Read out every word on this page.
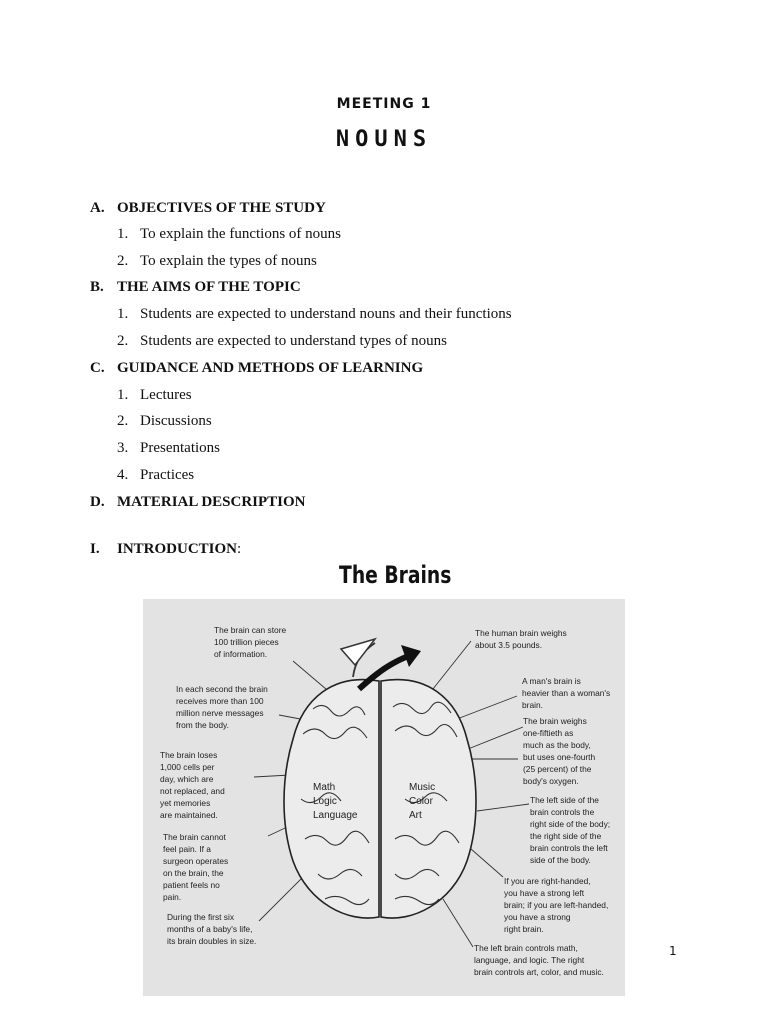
MEETING 1
NOUNS
A. OBJECTIVES OF THE STUDY
1. To explain the functions of nouns
2. To explain the types of nouns
B. THE AIMS OF THE TOPIC
1. Students are expected to understand nouns and their functions
2. Students are expected to understand types of nouns
C. GUIDANCE AND METHODS OF LEARNING
1. Lectures
2. Discussions
3. Presentations
4. Practices
D. MATERIAL DESCRIPTION
I. INTRODUCTION:
The Brains
The brain can store
100 trillion pieces
of information.
In each second the brain
receives more than 100
million nerve messages
from the body.
The brain loses
1,000 cells per
day, which are
not replaced, and
yet memories
are maintained.
The brain cannot
feel pain. If a
surgeon operates
on the brain, the
patient feels no
pain.
During the first six
months of a baby's life,
its brain doubles in size.
The human brain weighs
about 3.5 pounds.
A man's brain is
heavier than a woman's
brain.
The brain weighs
one-fiftieth as
much as the body,
but uses one-fourth
(25 percent) of the
body's oxygen.
The left side of the
brain controls the
right side of the body;
the right side of the
brain controls the left
side of the body.
If you are right-handed,
you have a strong left
brain; if you are left-handed,
you have a strong
right brain.
The left brain controls math,
language, and logic. The right
brain controls art, color, and music.
Math
Logic
Language
Music
Color
Art
1
